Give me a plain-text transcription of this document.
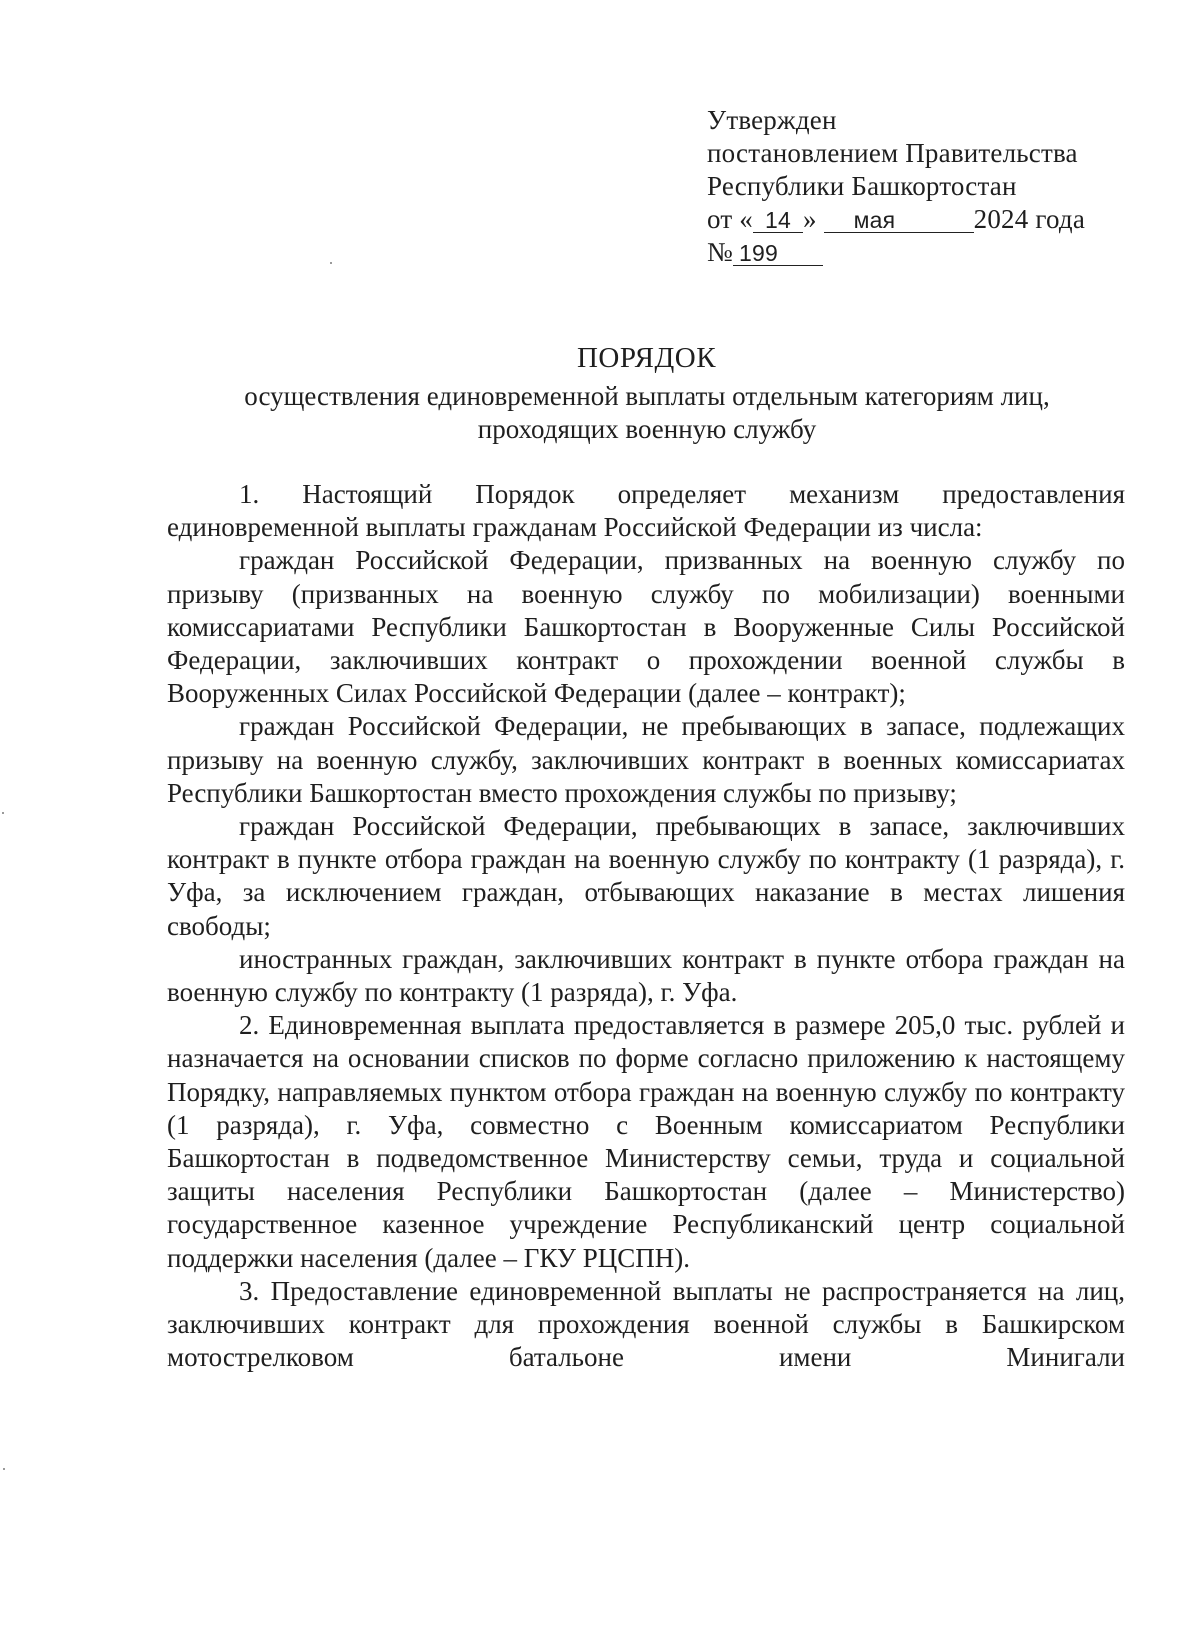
Утвержден
постановлением Правительства
Республики Башкортостан
от « 14 » мая	2024 года
№ 199
ПОРЯДОК
осуществления единовременной выплаты отдельным категориям лиц,
проходящих военную службу

1. Настоящий Порядок определяет механизм предоставления единовременной выплаты гражданам Российской Федерации из числа:

граждан Российской Федерации, призванных на военную службу по призыву (призванных на военную службу по мобилизации) военными комиссариатами Республики Башкортостан в Вооруженные Силы Российской Федерации, заключивших контракт о прохождении военной службы в Вооруженных Силах Российской Федерации (далее – контракт);

граждан Российской Федерации, не пребывающих в запасе, подлежащих призыву на военную службу, заключивших контракт в военных комиссариатах Республики Башкортостан вместо прохождения службы по призыву;

граждан Российской Федерации, пребывающих в запасе, заключивших контракт в пункте отбора граждан на военную службу по контракту (1 разряда), г. Уфа, за исключением граждан, отбывающих наказание в местах лишения свободы;

иностранных граждан, заключивших контракт в пункте отбора граждан на военную службу по контракту (1 разряда), г. Уфа.

2. Единовременная выплата предоставляется в размере 205,0 тыс. рублей и назначается на основании списков по форме согласно приложению к настоящему Порядку, направляемых пунктом отбора граждан на военную службу по контракту (1 разряда), г. Уфа, совместно с Военным комиссариатом Республики Башкортостан в подведомственное Министерству семьи, труда и социальной защиты населения Республики Башкортостан (далее – Министерство) государственное казенное учреждение Республиканский центр социальной поддержки населения (далее – ГКУ РЦСПН).

3. Предоставление единовременной выплаты не распространяется на лиц, заключивших контракт для прохождения военной службы в Башкирском мотострелковом батальоне имени Минигали
